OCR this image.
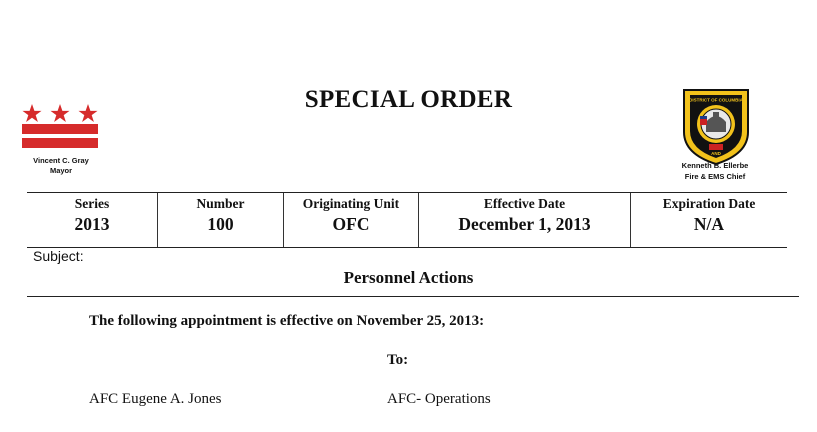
Vincent C. Gray
Mayor
SPECIAL ORDER	DISTRICT OF COLUMBIA
AND
Kenneth B. Ellerbe
Fire & EMS Chief
Series
2013
Number
100
Originating Unit
OFC
Effective Date
December 1, 2013
Expiration Date
N/A
Subject:
Personnel Actions
The following appointment is effective on November 25, 2013:
To:
AFC Eugene A. Jones	AFC- Operations
